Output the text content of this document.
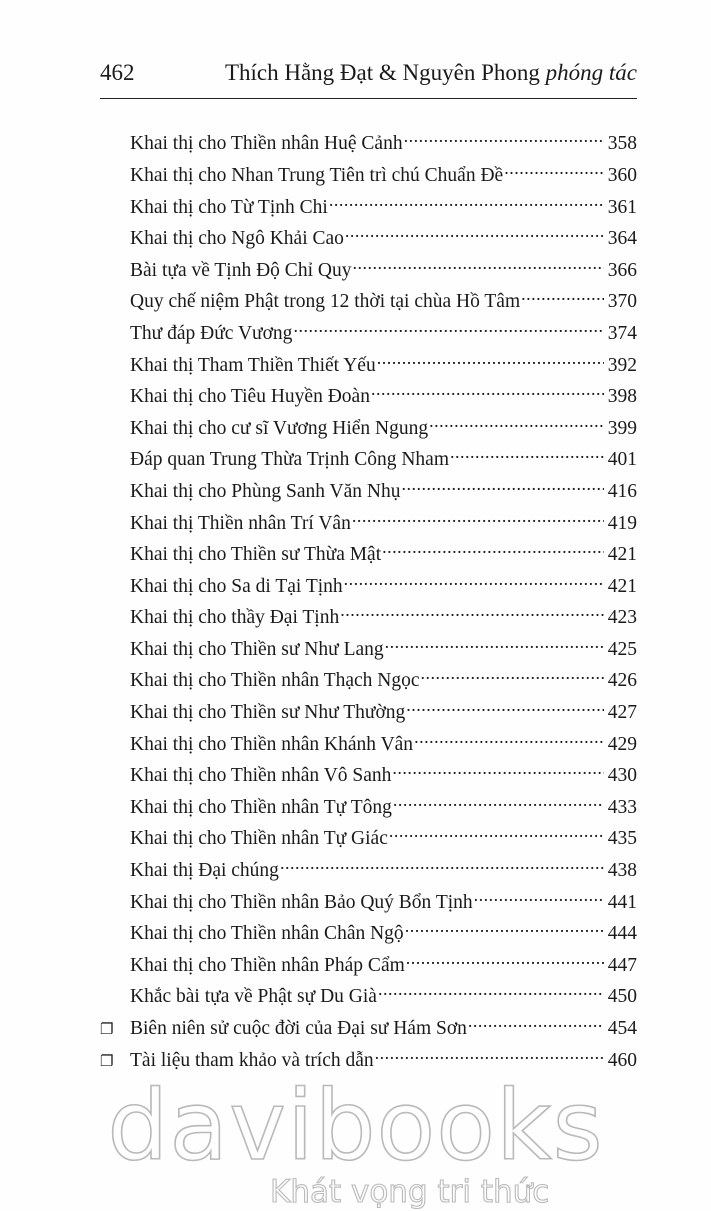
462	Thích Hằng Đạt & Nguyên Phong phóng tác
Khai thị cho Thiền nhân Huệ Cảnh .....	358
Khai thị cho Nhan Trung Tiên trì chú Chuẩn Đề .....	360
Khai thị cho Từ Tịnh Chi .....	361
Khai thị cho Ngô Khải Cao .....	364
Bài tựa về Tịnh Độ Chỉ Quy .....	366
Quy chế niệm Phật trong 12 thời tại chùa Hồ Tâm .....	370
Thư đáp Đức Vương .....	374
Khai thị Tham Thiền Thiết Yếu .....	392
Khai thị cho Tiêu Huyền Đoàn .....	398
Khai thị cho cư sĩ Vương Hiển Ngung .....	399
Đáp quan Trung Thừa Trịnh Công Nham .....	401
Khai thị cho Phùng Sanh Văn Nhụ .....	416
Khai thị Thiền nhân Trí Vân .....	419
Khai thị cho Thiền sư Thừa Mật .....	421
Khai thị cho Sa di Tại Tịnh .....	421
Khai thị cho thầy Đại Tịnh .....	423
Khai thị cho Thiền sư Như Lang .....	425
Khai thị cho Thiền nhân Thạch Ngọc .....	426
Khai thị cho Thiền sư Như Thường .....	427
Khai thị cho Thiền nhân Khánh Vân .....	429
Khai thị cho Thiền nhân Vô Sanh .....	430
Khai thị cho Thiền nhân Tự Tông .....	433
Khai thị cho Thiền nhân Tự Giác .....	435
Khai thị Đại chúng .....	438
Khai thị cho Thiền nhân Bảo Quý Bổn Tịnh .....	441
Khai thị cho Thiền nhân Chân Ngộ .....	444
Khai thị cho Thiền nhân Pháp Cẩm .....	447
Khắc bài tựa về Phật sự Du Già .....	450
❐ Biên niên sử cuộc đời của Đại sư Hám Sơn .....	454
❐ Tài liệu tham khảo và trích dẫn .....	460
davibooks
Khát vọng tri thức
